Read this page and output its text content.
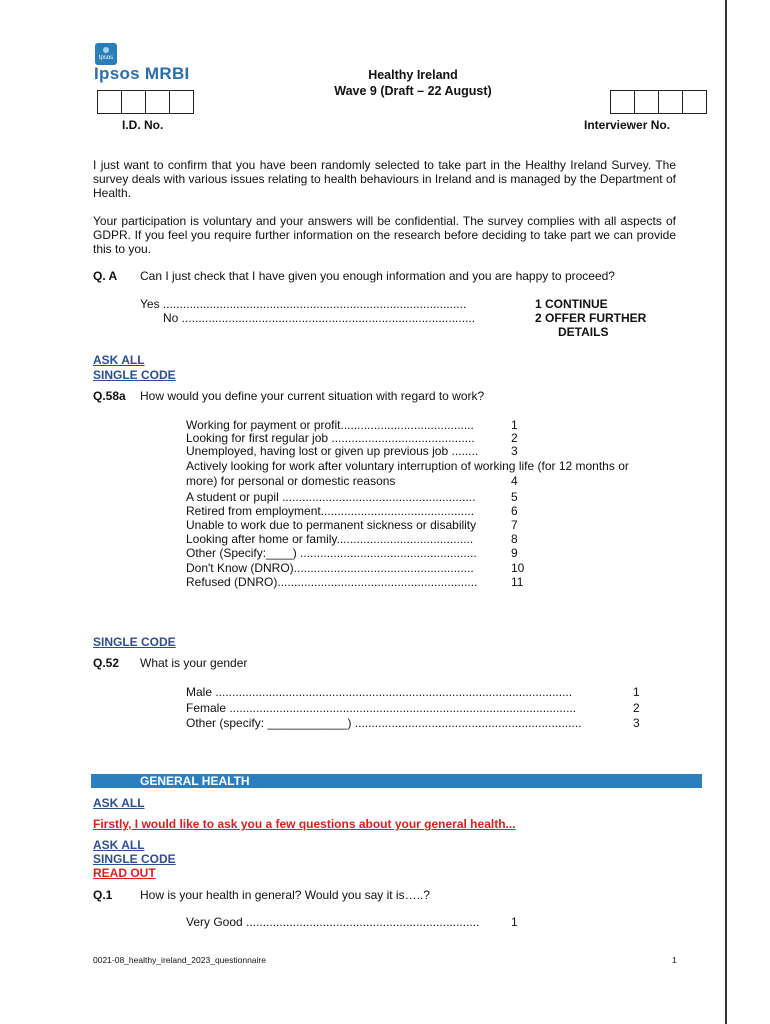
Ipsos
Ipsos MRBI	Healthy Ireland
Wave 9 (Draft – 22 August)
I.D. No.	Interviewer No.
I just want to confirm that you have been randomly selected to take part in the Healthy Ireland Survey. The survey deals with various issues relating to health behaviours in Ireland and is managed by the Department of Health.
Your participation is voluntary and your answers will be confidential. The survey complies with all aspects of GDPR. If you feel you require further information on the research before deciding to take part we can provide this to you.
Q. A Can I just check that I have given you enough information and you are happy to proceed?
Yes ...........................................................................................	1 CONTINUE
No ........................................................................................	2 OFFER FURTHER
DETAILS
ASK ALL
SINGLE CODE
Q.58a How would you define your current situation with regard to work?
Working for payment or profit........................................	1
Looking for first regular job ...........................................	2
Unemployed, having lost or given up previous job ........	3
Actively looking for work after voluntary interruption of working life (for 12 months or
more) for personal or domestic reasons	4
A student or pupil ..........................................................	5
Retired from employment..............................................	6
Unable to work due to permanent sickness or disability	7
Looking after home or family.........................................	8
Other (Specify:____) .....................................................	9
Don't Know (DNRO)......................................................	10
Refused (DNRO)............................................................	11
SINGLE CODE
Q.52 What is your gender
Male ...........................................................................................................	1
Female ........................................................................................................	2
Other (specify: ____________) ....................................................................	3
GENERAL HEALTH
ASK ALL
Firstly, I would like to ask you a few questions about your general health...
ASK ALL
SINGLE CODE
READ OUT
Q.1 How is your health in general? Would you say it is…..?
Very Good ......................................................................	1
0021-08_healthy_ireland_2023_questionnaire	1
